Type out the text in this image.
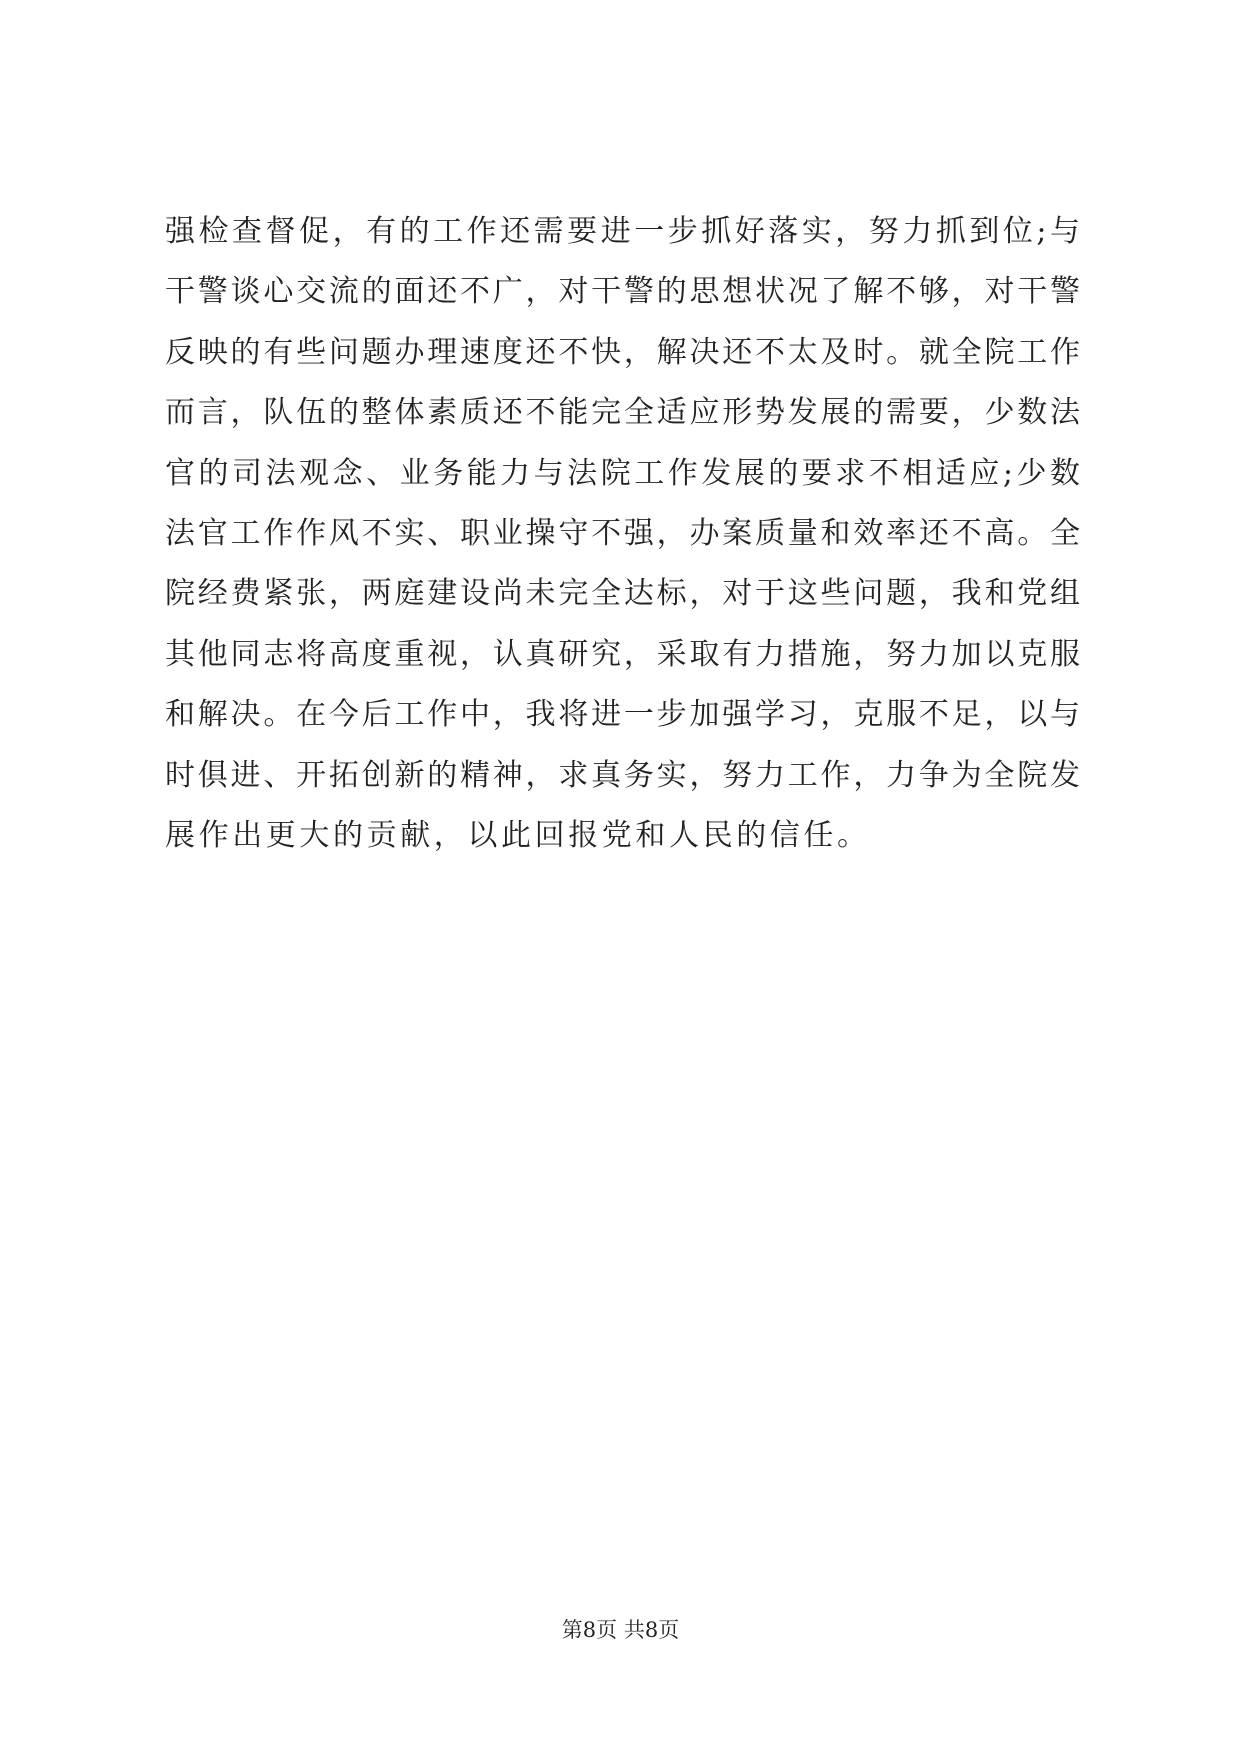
强检查督促，有的工作还需要进一步抓好落实，努力抓到位;与
干警谈心交流的面还不广，对干警的思想状况了解不够，对干警
反映的有些问题办理速度还不快，解决还不太及时。就全院工作
而言，队伍的整体素质还不能完全适应形势发展的需要，少数法
官的司法观念、业务能力与法院工作发展的要求不相适应;少数
法官工作作风不实、职业操守不强，办案质量和效率还不高。全
院经费紧张，两庭建设尚未完全达标，对于这些问题，我和党组
其他同志将高度重视，认真研究，采取有力措施，努力加以克服
和解决。在今后工作中，我将进一步加强学习，克服不足，以与
时俱进、开拓创新的精神，求真务实，努力工作，力争为全院发
展作出更大的贡献，以此回报党和人民的信任。
第8页 共8页
